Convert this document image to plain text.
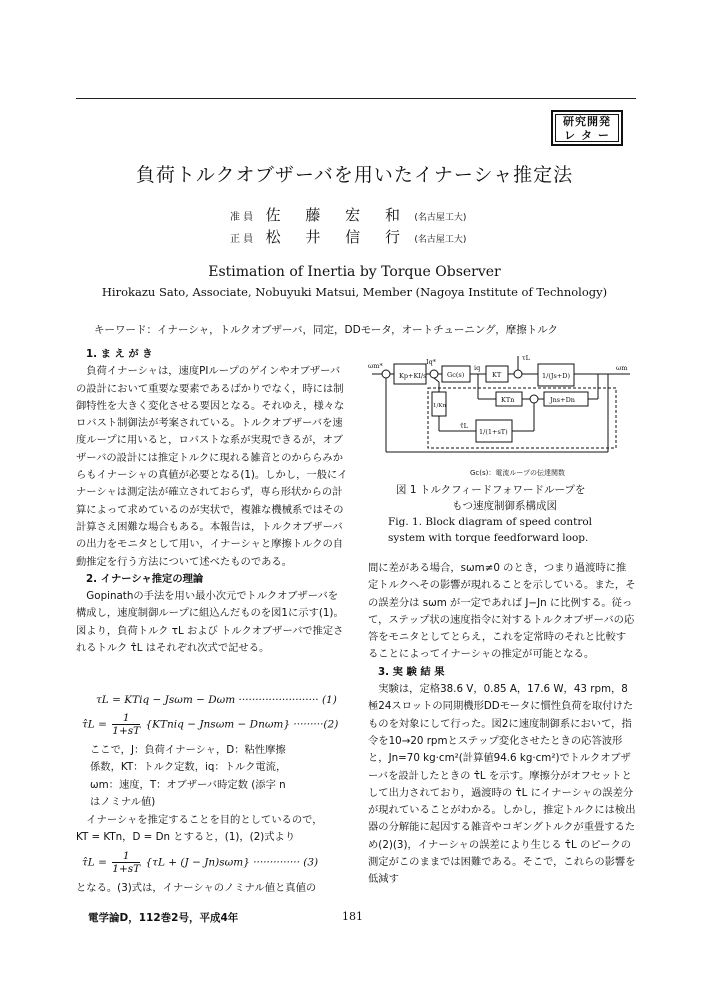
研究開発
レ タ ー
負荷トルクオブザーバを用いたイナーシャ推定法
准 員 佐 藤 宏 和 (名古屋工大)
正 員 松 井 信 行 (名古屋工大)
Estimation of Inertia by Torque Observer
Hirokazu Sato, Associate, Nobuyuki Matsui, Member (Nagoya Institute of Technology)
キーワード：イナーシャ，トルクオブザーバ，同定，DDモータ，オートチューニング，摩擦トルク

1. ま え が き

負荷イナーシャは，速度PIループのゲインやオブザーバの設計において重要な要素であるばかりでなく，時には制御特性を大きく変化させる要因となる。それゆえ，様々なロバスト制御法が考案されている。トルクオブザーバを速度ループに用いると，ロバストな系が実現できるが，オブザーバの設計には推定トルクに現れる雑音とのかららみからもイナーシャの真値が必要となる(1)。しかし，一般にイナーシャは測定法が確立されておらず，専ら形状からの計算によって求めているのが実状で，複雑な機械系ではその計算さえ困難な場合もある。本報告は，トルクオブザーバの出力をモニタとして用い，イナーシャと摩擦トルクの自動推定を行う方法について述べたものである。

2. イナーシャ推定の理論

Gopinathの手法を用い最小次元でトルクオブザーバを構成し，速度制御ループに組込んだものを図1に示す(1)。図より，負荷トルク τL および トルクオブザーバで推定されるトルク τ̂L はそれぞれ次式で記せる。

τL = KTiq − Jsωm − Dωm ························ (1)
τ̂L = $\frac{1}{1+sT}$ {KTniq − Jnsωm − Dnωm} ·········(2)

ここで，J：負荷イナーシャ，D：粘性摩擦

係数，KT：トルク定数，iq：トルク電流，

ωm：速度，T：オブザーバ時定数 (添字 n

はノミナル値)

イナーシャを推定することを目的としているので，

KT = KTn，D = Dn とすると，(1)，(2)式より

τ̂L = $\frac{1}{1+sT} \{\tau L + (J - Jn)s\omega m\}$ ·············· (3)
となる。(3)式は，イナーシャのノミナル値と真値の
ωm*
Kp+KI/s
Iq*
Gc(s)
iq
KT
τL
1/(Js+D)
ωm
KTn	Jns+Dn
1/Kn
τ̂L
1/(1+sT)
Gc(s)：電流ループの伝達関数
図 1 トルクフィードフォワードループを
もつ速度制御系構成図
Fig. 1. Block diagram of speed control
system with torque feedforward loop.

間に差がある場合，sωm≠0 のとき，つまり過渡時に推定トルクへその影響が現れることを示している。また，その誤差分は sωm が一定であれば J−Jn に比例する。従って，ステップ状の速度指令に対するトルクオブザーバの応答をモニタとしてとらえ，これを定常時のそれと比較することによってイナーシャの推定が可能となる。

3. 実 験 結 果

実験は，定格38.6 V，0.85 A，17.6 W，43 rpm，8極24スロットの同期機形DDモータに慣性負荷を取付けたものを対象にして行った。図2に速度制御系において，指令を10→20 rpmとステップ変化させたときの応答波形と，Jn=70 kg·cm²(計算値94.6 kg·cm²)でトルクオブザーバを設計したときの τ̂L を示す。摩擦分がオフセットとして出力されており，過渡時の τ̂L にイナーシャの誤差分が現れていることがわかる。しかし，推定トルクには検出器の分解能に起因する雑音やコギングトルクが重畳するため(2)(3)，イナーシャの誤差により生じる τ̂L のピークの測定がこのままでは困難である。そこで，これらの影響を低減す

電学論D，112巻2号，平成4年	181
